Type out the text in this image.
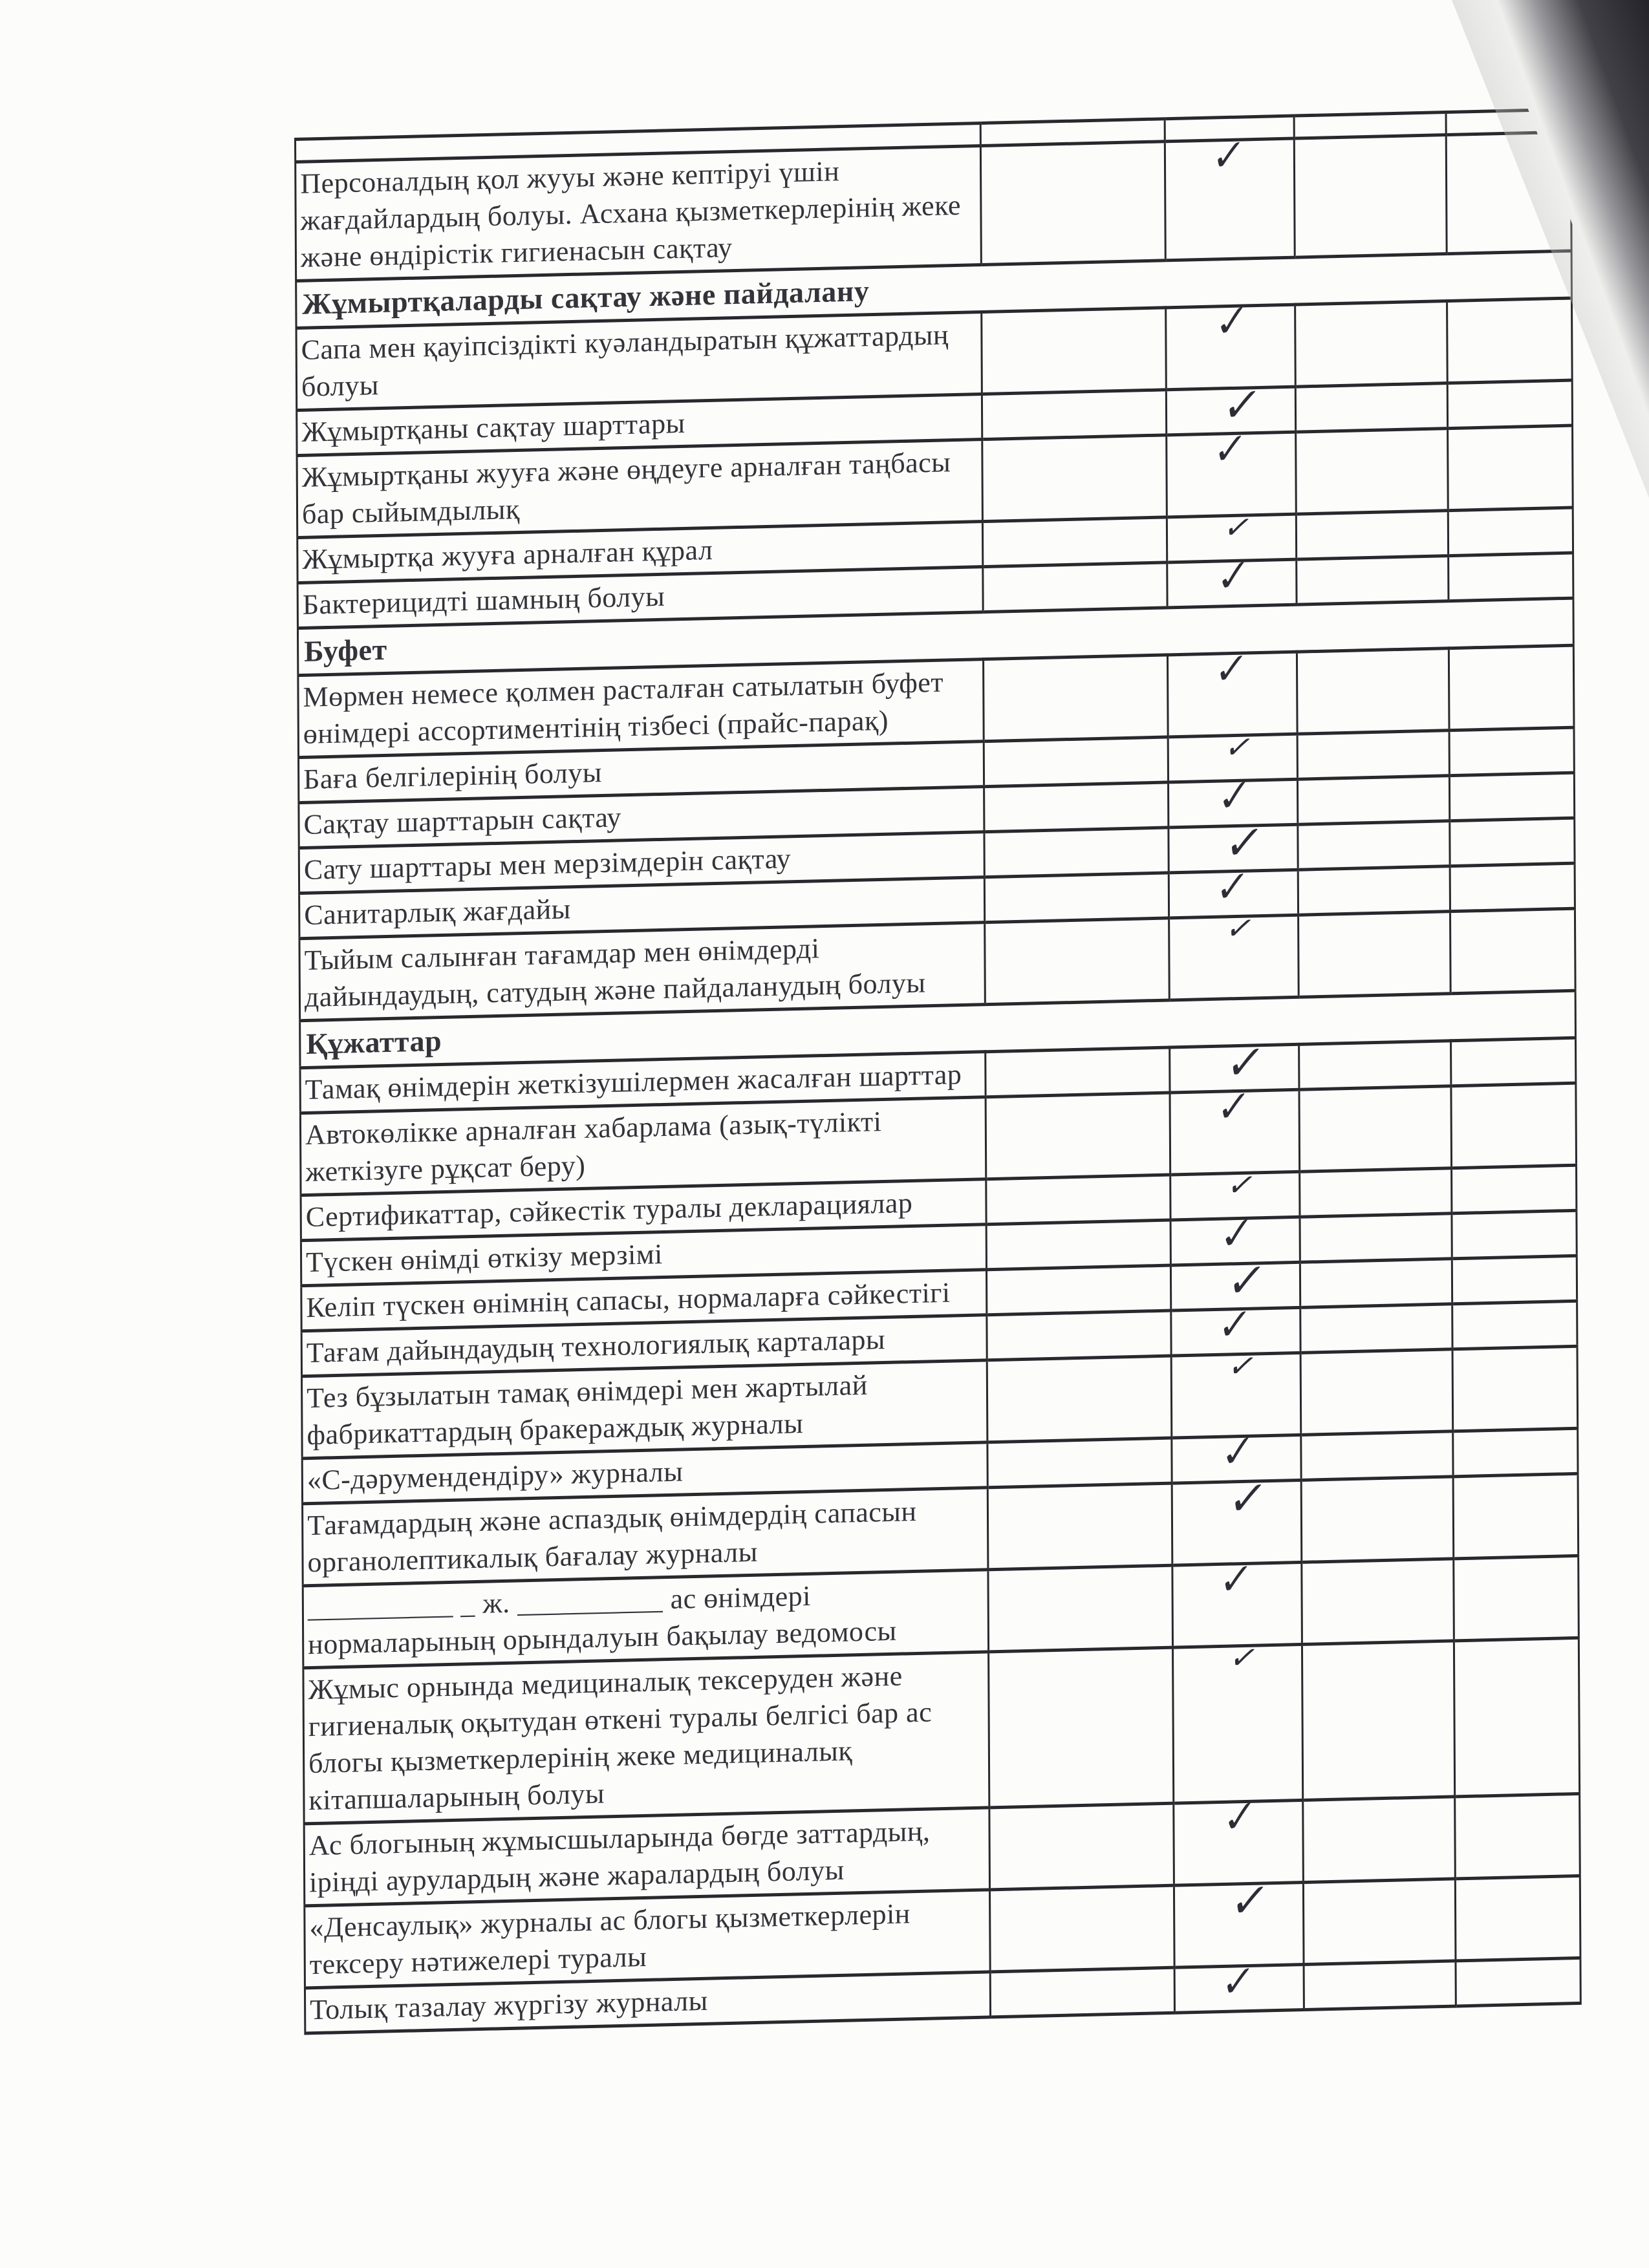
Персоналдың қол жууы және кептіруі үшін жағдайлардың болуы. Асхана қызметкерлерінің жеке және өндірістік гигиенасын сақтау		✓		
Жұмыртқаларды сақтау және пайдалану				
Сапа мен қауіпсіздікті куәландыратын құжаттардың болуы		✓		
Жұмыртқаны сақтау шарттары		✓		
Жұмыртқаны жууға және өңдеуге арналған таңбасы бар сыйымдылық		✓		
Жұмыртқа жууға арналған құрал		✓		
Бактерицидті шамның болуы		✓		
Буфет				
Мөрмен немесе қолмен расталған сатылатын буфет өнімдері ассортиментінің тізбесі (прайс-парақ)		✓		
Баға белгілерінің болуы		✓		
Сақтау шарттарын сақтау		✓		
Сату шарттары мен мерзімдерін сақтау		✓		
Санитарлық жағдайы		✓		
Тыйым салынған тағамдар мен өнімдерді дайындаудың, сатудың және пайдаланудың болуы		✓		
Құжаттар				
Тамақ өнімдерін жеткізушілермен жасалған шарттар		✓		
Автокөлікке арналған хабарлама (азық-түлікті жеткізуге рұқсат беру)		✓		
Сертификаттар, сәйкестік туралы декларациялар		✓		
Түскен өнімді өткізу мерзімі		✓		
Келіп түскен өнімнің сапасы, нормаларға сәйкестігі		✓		
Тағам дайындаудың технологиялық карталары		✓		
Тез бұзылатын тамақ өнімдері мен жартылай фабрикаттардың бракераждық журналы		✓		
«С-дәрумендендіру» журналы		✓		
Тағамдардың және аспаздық өнімдердің сапасын органолептикалық бағалау журналы		✓		
__________ _ ж. __________ ас өнімдері нормаларының орындалуын бақылау ведомосы		✓		
Жұмыс орнында медициналық тексеруден және гигиеналық оқытудан өткені туралы белгісі бар ас блогы қызметкерлерінің жеке медициналық кітапшаларының болуы		✓		
Ас блогының жұмысшыларында бөгде заттардың, іріңді аурулардың және жаралардың болуы		✓		
«Денсаулық» журналы ас блогы қызметкерлерін тексеру нәтижелері туралы		✓		
Толық тазалау жүргізу журналы		✓		
